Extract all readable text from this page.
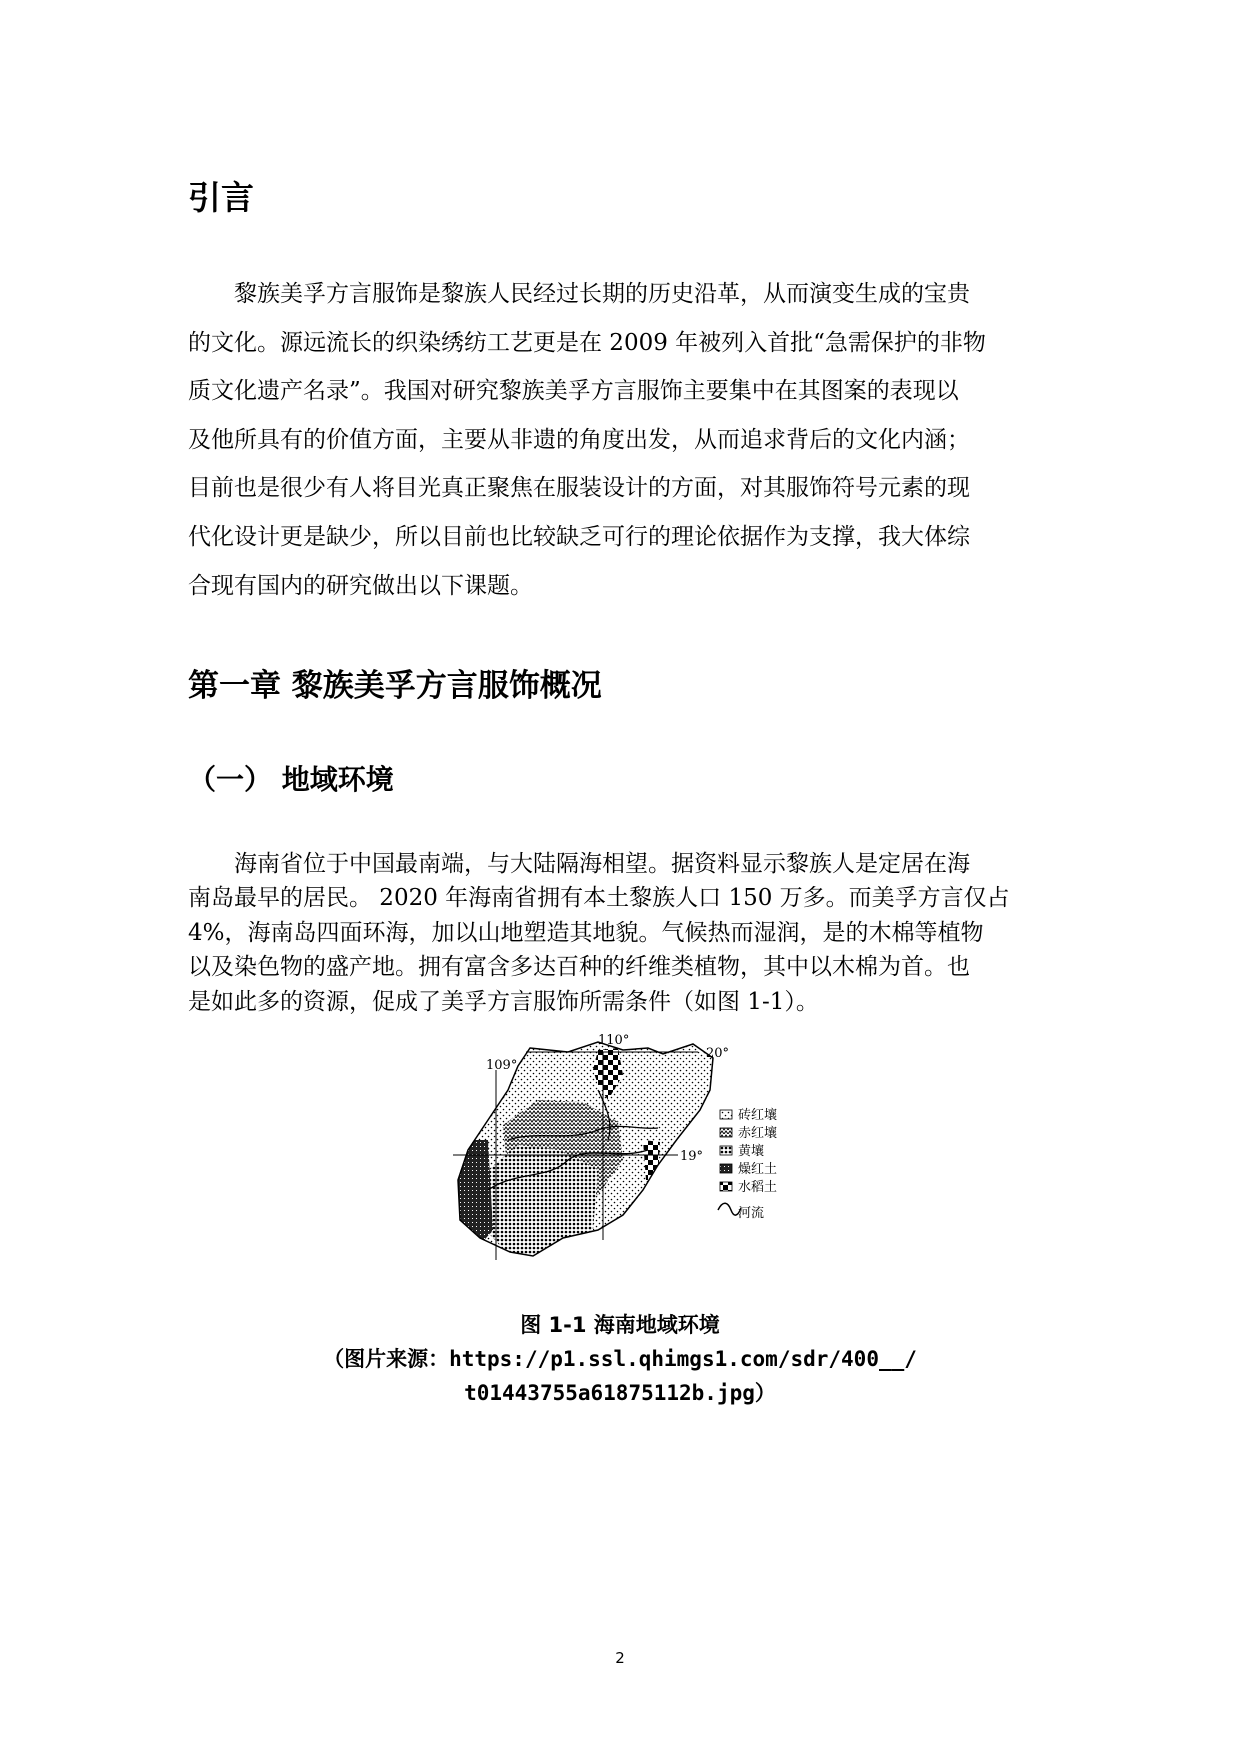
引言
黎族美孚方言服饰是黎族人民经过长期的历史沿革，从而演变生成的宝贵
的文化。源远流长的织染绣纺工艺更是在 2009 年被列入首批“急需保护的非物
质文化遗产名录”。我国对研究黎族美孚方言服饰主要集中在其图案的表现以
及他所具有的价值方面，主要从非遗的角度出发，从而追求背后的文化内涵；
目前也是很少有人将目光真正聚焦在服装设计的方面，对其服饰符号元素的现
代化设计更是缺少，所以目前也比较缺乏可行的理论依据作为支撑，我大体综
合现有国内的研究做出以下课题。
第一章 黎族美孚方言服饰概况
（一） 地域环境
海南省位于中国最南端，与大陆隔海相望。据资料显示黎族人是定居在海
南岛最早的居民。 2020 年海南省拥有本土黎族人口 150 万多。而美孚方言仅占
4%，海南岛四面环海，加以山地塑造其地貌。气候热而湿润，是的木棉等植物
以及染色物的盛产地。拥有富含多达百种的纤维类植物，其中以木棉为首。也
是如此多的资源，促成了美孚方言服饰所需条件（如图 1-1）。
110°
109°
20°
19°
砖红壤
赤红壤
黄壤
燥红土
水稻土
河流

图 1-1 海南地域环境

（图片来源：https://p1.ssl.qhimgs1.com/sdr/400__/

t01443755a61875112b.jpg）

2
